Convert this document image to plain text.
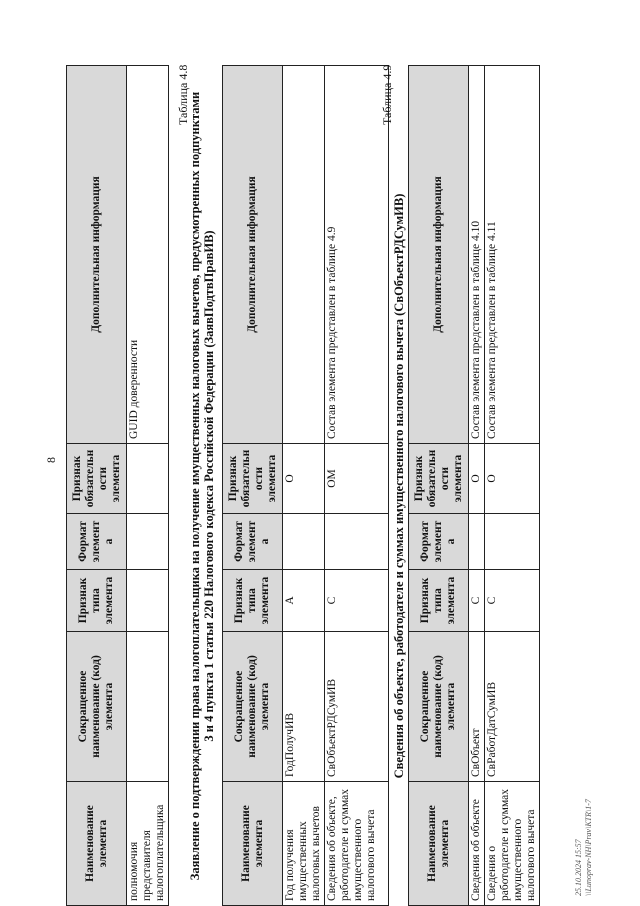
8
Наименование элемента	Сокращенное наименование (код) элемента	Признак типа элемента	Формат элемента	Признак обязательности элемента	Дополнительная информация
полномочия представителя налогоплательщика					GUID доверенности
Таблица 4.8
Заявление о подтверждении права налогоплательщика на получение имущественных налоговых вычетов, предусмотренных подпунктами 3 и 4 пункта 1 статьи 220 Налогового кодекса Российской Федерации (ЗаявПодтвПравИВ)
Наименование элемента	Сокращенное наименование (код) элемента	Признак типа элемента	Формат элемента	Признак обязательности элемента	Дополнительная информация
Год получения имущественных налоговых вычетов	ГодПолучИВ	А		О	
Сведения об объекте, работодателе и суммах имущественного налогового вычета	СвОбъектРДСумИВ	С		ОМ	Состав элемента представлен в таблице 4.9
Таблица 4.9
Сведения об объекте, работодателе и суммах имущественного налогового вычета (СвОбъектРДСумИВ)
Наименование элемента	Сокращенное наименование (код) элемента	Признак типа элемента	Формат элемента	Признак обязательности элемента	Дополнительная информация
Сведения об объекте	СвОбъект	С		О	Состав элемента представлен в таблице 4.10
Сведения о работодателе и суммах имущественного налогового вычета	СвРаботДатСумИВ	С		О	Состав элемента представлен в таблице 4.11
25.10.2024 15:57 \\Lunoprav-NH\Prav\KTR\1-7
